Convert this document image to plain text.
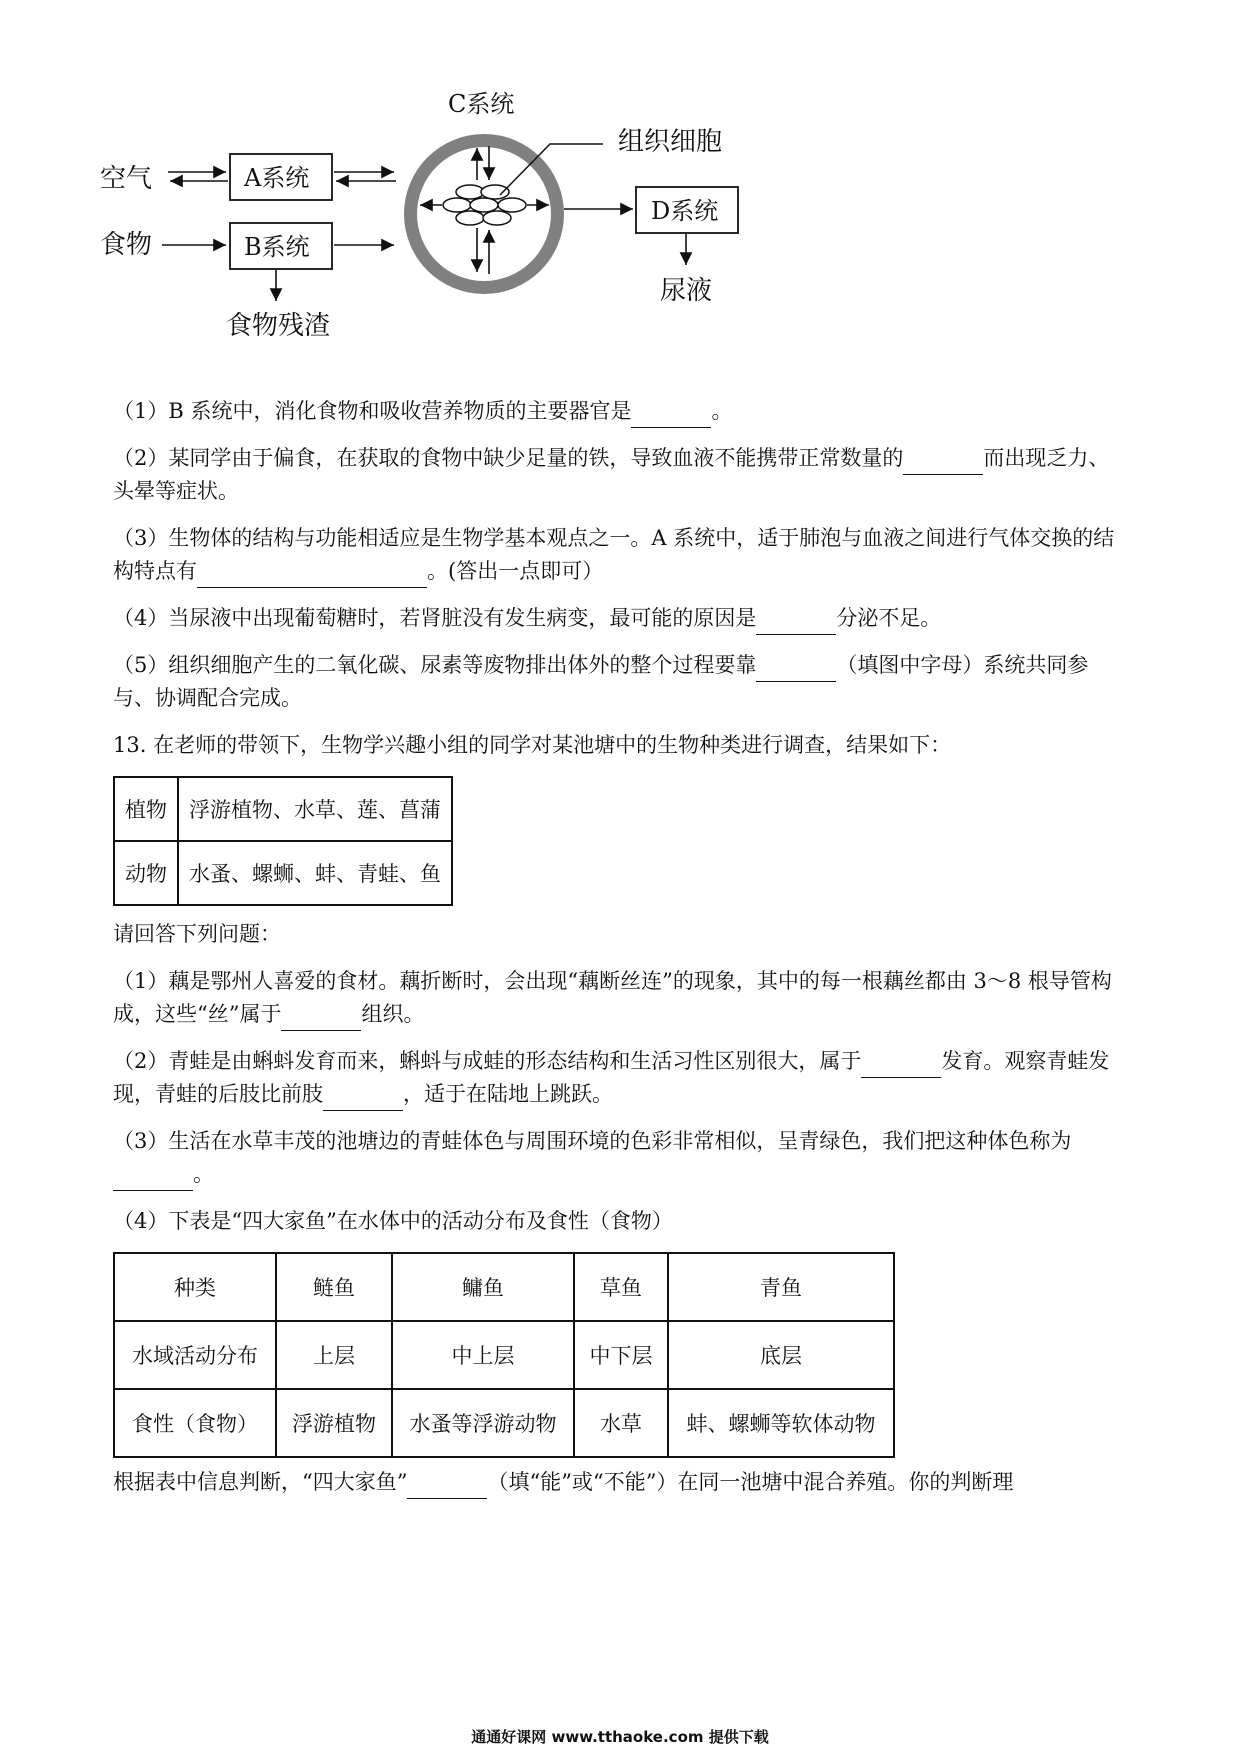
空气
食物
A系统
B系统
食物残渣
C系统
组织细胞
D系统
尿液
（1）B 系统中，消化食物和吸收营养物质的主要器官是	。
（2）某同学由于偏食，在获取的食物中缺少足量的铁，导致血液不能携带正常数量的	而出现乏力、头晕等症状。
（3）生物体的结构与功能相适应是生物学基本观点之一。A 系统中，适于肺泡与血液之间进行气体交换的结构特点有	。(答出一点即可）
（4）当尿液中出现葡萄糖时，若肾脏没有发生病变，最可能的原因是	分泌不足。
（5）组织细胞产生的二氧化碳、尿素等废物排出体外的整个过程要靠	（填图中字母）系统共同参与、协调配合完成。
13. 在老师的带领下，生物学兴趣小组的同学对某池塘中的生物种类进行调查，结果如下：
植物	浮游植物、水草、莲、菖蒲
动物	水蚤、螺蛳、蚌、青蛙、鱼
请回答下列问题：
（1）藕是鄂州人喜爱的食材。藕折断时，会出现“藕断丝连”的现象，其中的每一根藕丝都由 3～8 根导管构成，这些“丝”属于	组织。
（2）青蛙是由蝌蚪发育而来，蝌蚪与成蛙的形态结构和生活习性区别很大，属于	发育。观察青蛙发现，青蛙的后肢比前肢	，适于在陆地上跳跃。
（3）生活在水草丰茂的池塘边的青蛙体色与周围环境的色彩非常相似，呈青绿色，我们把这种体色称为。
（4）下表是“四大家鱼”在水体中的活动分布及食性（食物）
种类	鲢鱼	鳙鱼	草鱼	青鱼
水域活动分布	上层	中上层	中下层	底层
食性（食物）	浮游植物	水蚤等浮游动物	水草	蚌、螺蛳等软体动物
根据表中信息判断，“四大家鱼”	（填“能”或“不能”）在同一池塘中混合养殖。你的判断理
通通好课网 www.tthaoke.com 提供下载
